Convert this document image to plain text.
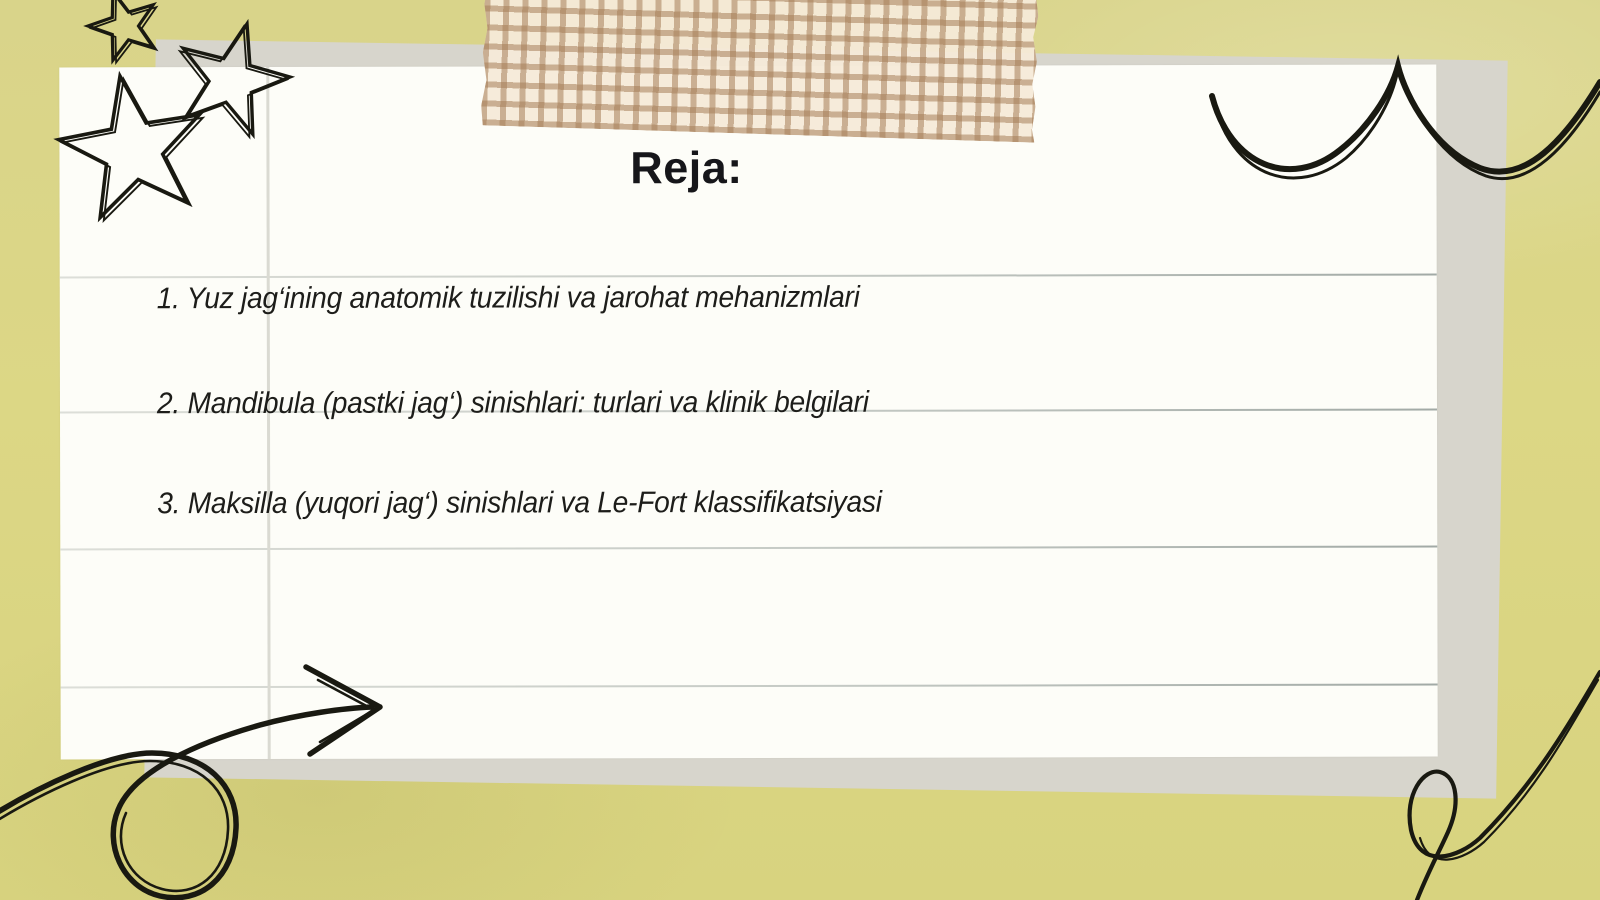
Reja:

1. Yuz jag‘ining anatomik tuzilishi va jarohat mehanizmlari

2. Mandibula (pastki jag‘) sinishlari: turlari va klinik belgilari

3. Maksilla (yuqori jag‘) sinishlari va Le-Fort klassifikatsiyasi
